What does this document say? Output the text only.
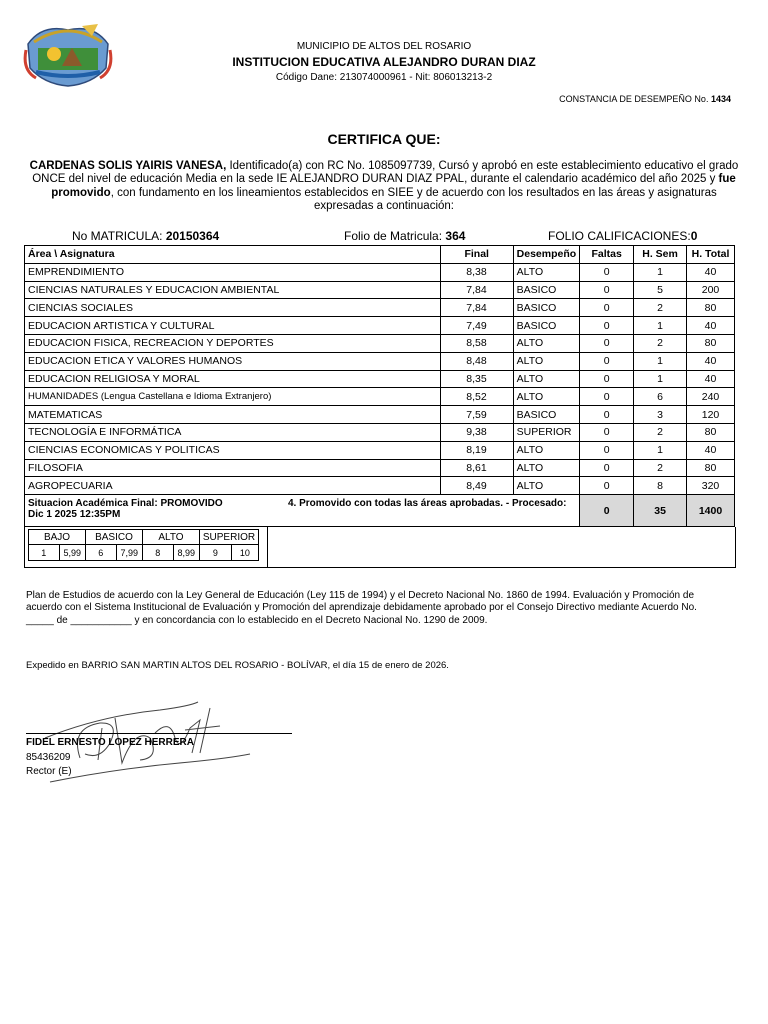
MUNICIPIO DE ALTOS DEL ROSARIO
INSTITUCION EDUCATIVA ALEJANDRO DURAN DIAZ
Código Dane: 213074000961 - Nit: 806013213-2
CONSTANCIA DE DESEMPEÑO No. 1434
CERTIFICA QUE:
CARDENAS SOLIS YAIRIS VANESA, Identificado(a) con RC No. 1085097739, Cursó y aprobó en este establecimiento educativo el grado ONCE del nivel de educación Media en la sede IE ALEJANDRO DURAN DIAZ PPAL, durante el calendario académico del año 2025 y fue promovido, con fundamento en los lineamientos establecidos en SIEE y de acuerdo con los resultados en las áreas y asignaturas expresadas a continuación:
No MATRICULA: 20150364	Folio de Matricula: 364	FOLIO CALIFICACIONES:0
Área \ Asignatura	Final	Desempeño	Faltas	H. Sem	H. Total
EMPRENDIMIENTO	8,38	ALTO	0	1	40
CIENCIAS NATURALES Y EDUCACION AMBIENTAL	7,84	BASICO	0	5	200
CIENCIAS SOCIALES	7,84	BASICO	0	2	80
EDUCACION ARTISTICA Y CULTURAL	7,49	BASICO	0	1	40
EDUCACION FISICA, RECREACION Y DEPORTES	8,58	ALTO	0	2	80
EDUCACION ETICA Y VALORES HUMANOS	8,48	ALTO	0	1	40
EDUCACION RELIGIOSA Y MORAL	8,35	ALTO	0	1	40
HUMANIDADES (Lengua Castellana e Idioma Extranjero)	8,52	ALTO	0	6	240
MATEMATICAS	7,59	BASICO	0	3	120
TECNOLOGÍA E INFORMÁTICA	9,38	SUPERIOR	0	2	80
CIENCIAS ECONOMICAS Y POLITICAS	8,19	ALTO	0	1	40
FILOSOFIA	8,61	ALTO	0	2	80
AGROPECUARIA	8,49	ALTO	0	8	320

Situacion Académica Final: PROMOVIDO
Dic 1 2025 12:35PM
4. Promovido con todas las áreas aprobadas. - Procesado:			0	35	1400
BAJO		BASICO		ALTO		SUPERIOR	
1	5,99	6	7,99	8	8,99	9	10
Plan de Estudios de acuerdo con la Ley General de Educación (Ley 115 de 1994) y el Decreto Nacional No. 1860 de 1994. Evaluación y Promoción de acuerdo con el Sistema Institucional de Evaluación y Promoción del aprendizaje debidamente aprobado por el Consejo Directivo mediante Acuerdo No. _____ de ___________ y en concordancia con lo establecido en el Decreto Nacional No. 1290 de 2009.
Expedido en BARRIO SAN MARTIN ALTOS DEL ROSARIO - BOLÍVAR, el día 15 de enero de 2026.
FIDEL ERNESTO LOPEZ HERRERA
85436209
Rector (E)
